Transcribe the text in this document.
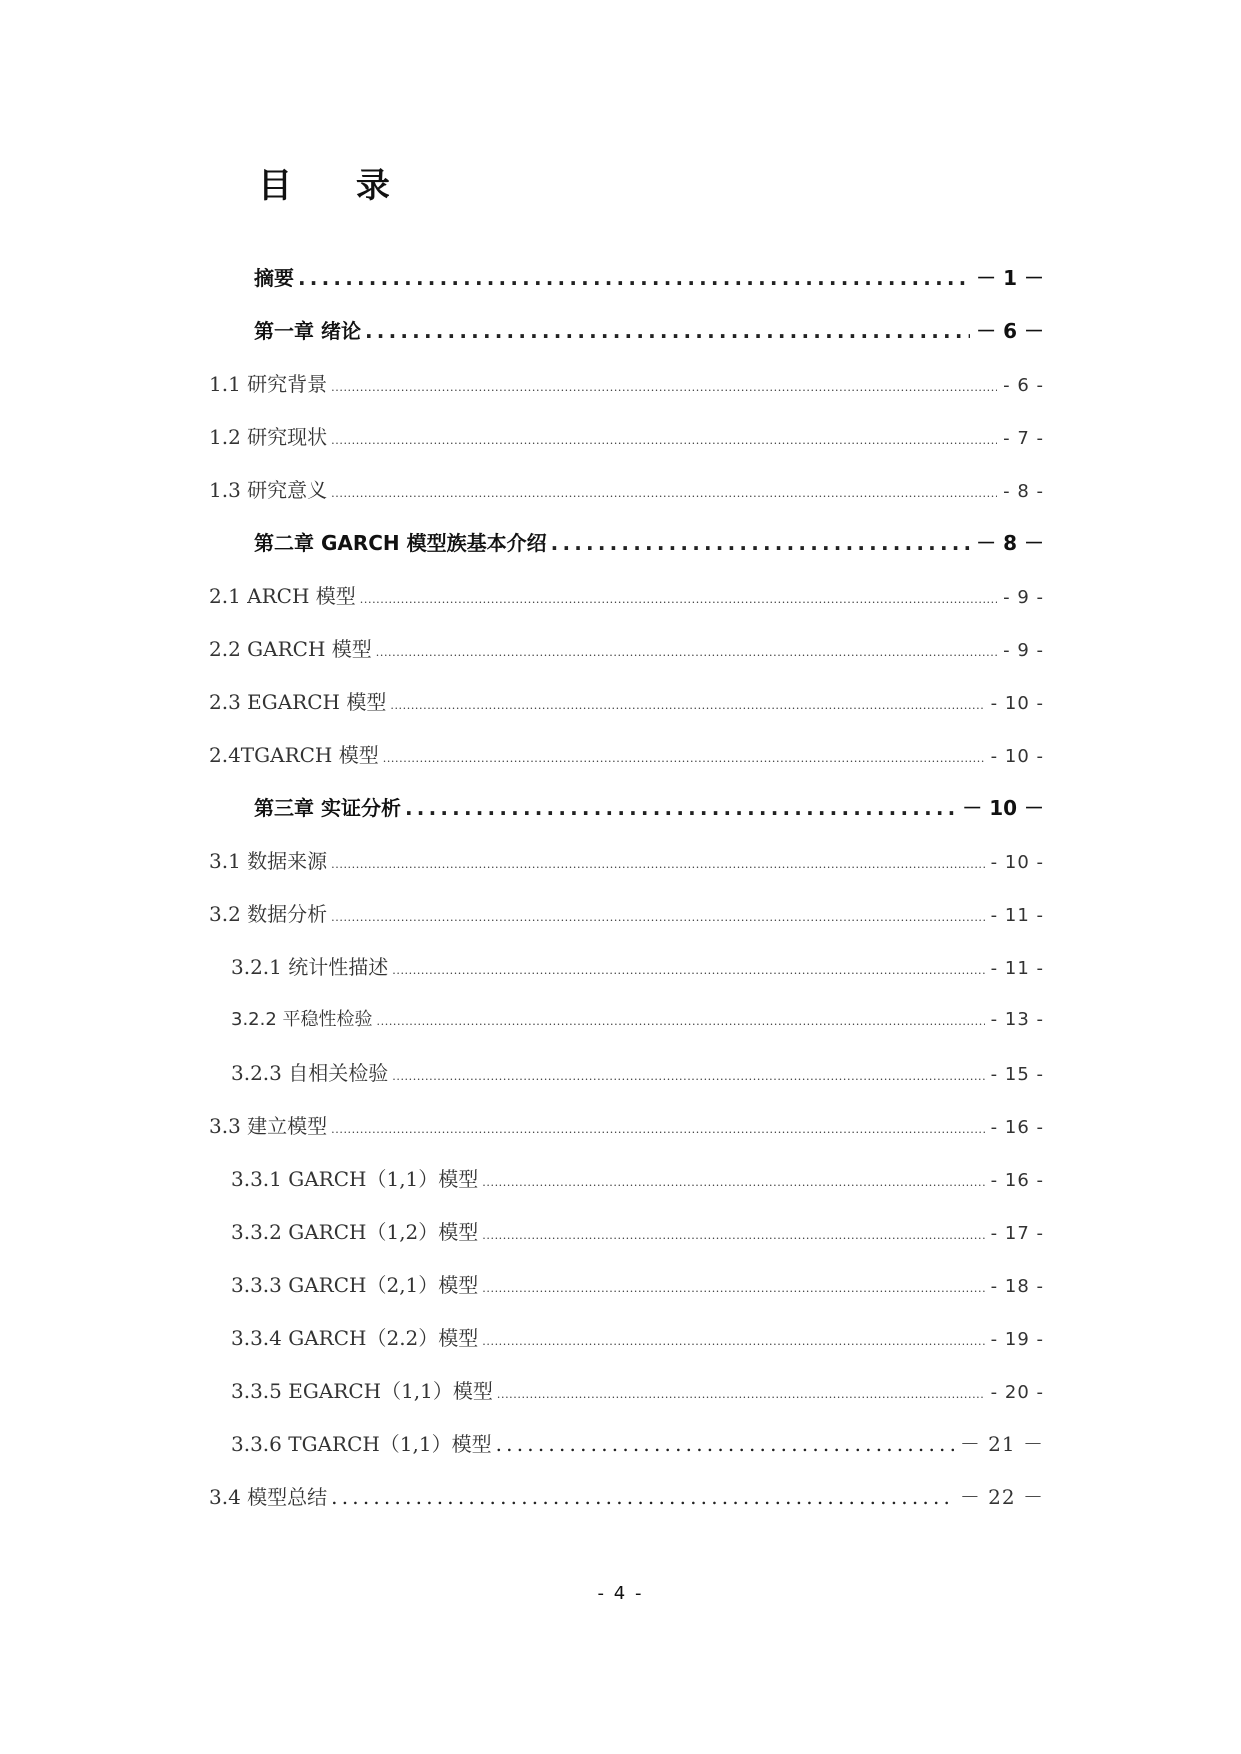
目 录
摘要 .....	－ 1 －
第一章 绪论 .....	－ 6 －
1.1 研究背景 .....	- 6 -
1.2 研究现状 .....	- 7 -
1.3 研究意义 .....	- 8 -
第二章 GARCH 模型族基本介绍 .....	－ 8 －
2.1 ARCH 模型 .....	- 9 -
2.2 GARCH 模型 .....	- 9 -
2.3 EGARCH 模型 .....	- 10 -
2.4TGARCH 模型 .....	- 10 -
第三章 实证分析 .....	－ 10 －
3.1 数据来源 .....	- 10 -
3.2 数据分析 .....	- 11 -
3.2.1 统计性描述 .....	- 11 -
3.2.2 平稳性检验 .....	- 13 -
3.2.3 自相关检验 .....	- 15 -
3.3 建立模型 .....	- 16 -
3.3.1 GARCH（1,1）模型 .....	- 16 -
3.3.2 GARCH（1,2）模型 .....	- 17 -
3.3.3 GARCH（2,1）模型 .....	- 18 -
3.3.4 GARCH（2.2）模型 .....	- 19 -
3.3.5 EGARCH（1,1）模型 .....	- 20 -
3.3.6 TGARCH（1,1）模型 .....	－ 21 －
3.4 模型总结 .....	－ 22 －
- 4 -
